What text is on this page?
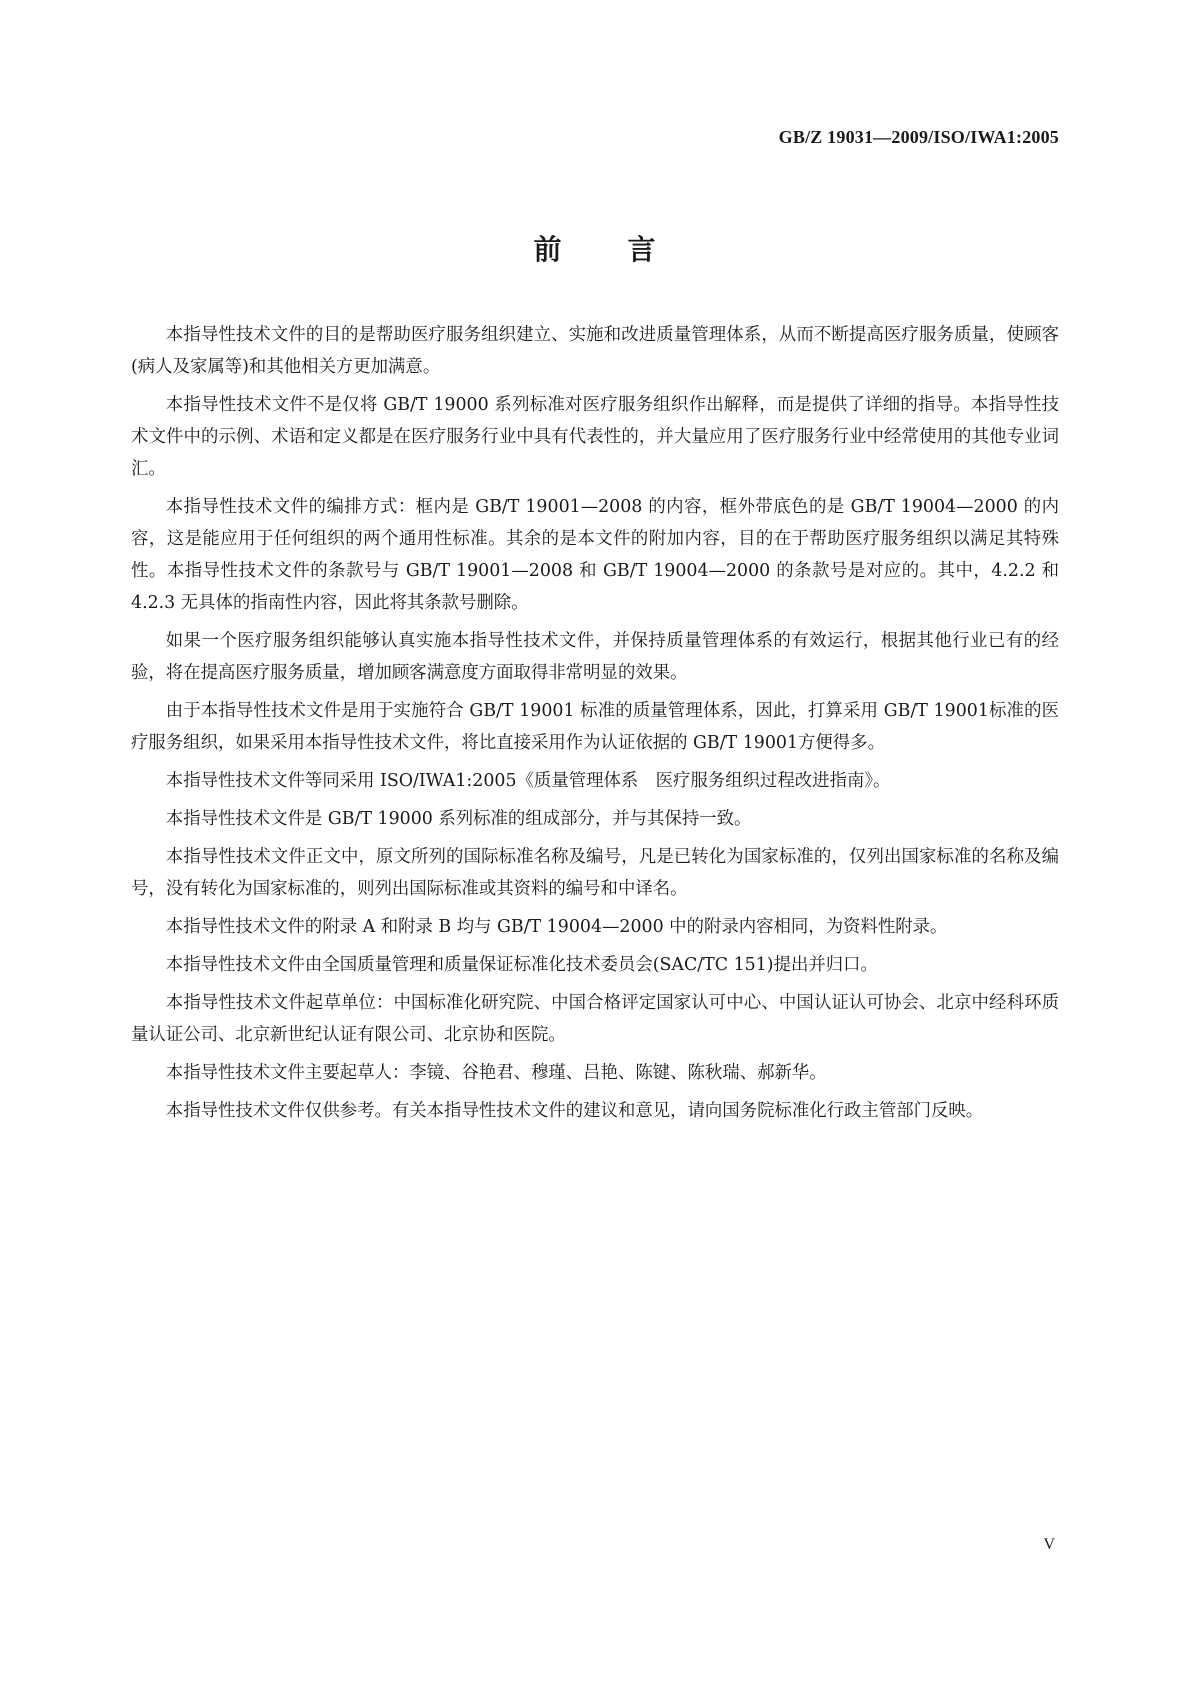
GB/Z 19031—2009/ISO/IWA1:2005
前 言

本指导性技术文件的目的是帮助医疗服务组织建立、实施和改进质量管理体系，从而不断提高医疗服务质量，使顾客(病人及家属等)和其他相关方更加满意。

本指导性技术文件不是仅将 GB/T 19000 系列标准对医疗服务组织作出解释，而是提供了详细的指导。本指导性技术文件中的示例、术语和定义都是在医疗服务行业中具有代表性的，并大量应用了医疗服务行业中经常使用的其他专业词汇。

本指导性技术文件的编排方式：框内是 GB/T 19001—2008 的内容，框外带底色的是 GB/T 19004—2000 的内容，这是能应用于任何组织的两个通用性标准。其余的是本文件的附加内容，目的在于帮助医疗服务组织以满足其特殊性。本指导性技术文件的条款号与 GB/T 19001—2008 和 GB/T 19004—2000 的条款号是对应的。其中，4.2.2 和 4.2.3 无具体的指南性内容，因此将其条款号删除。

如果一个医疗服务组织能够认真实施本指导性技术文件，并保持质量管理体系的有效运行，根据其他行业已有的经验，将在提高医疗服务质量，增加顾客满意度方面取得非常明显的效果。

由于本指导性技术文件是用于实施符合 GB/T 19001 标准的质量管理体系，因此，打算采用 GB/T 19001标准的医疗服务组织，如果采用本指导性技术文件，将比直接采用作为认证依据的 GB/T 19001方便得多。

本指导性技术文件等同采用 ISO/IWA1:2005《质量管理体系　医疗服务组织过程改进指南》。

本指导性技术文件是 GB/T 19000 系列标准的组成部分，并与其保持一致。

本指导性技术文件正文中，原文所列的国际标准名称及编号，凡是已转化为国家标准的，仅列出国家标准的名称及编号，没有转化为国家标准的，则列出国际标准或其资料的编号和中译名。

本指导性技术文件的附录 A 和附录 B 均与 GB/T 19004—2000 中的附录内容相同，为资料性附录。

本指导性技术文件由全国质量管理和质量保证标准化技术委员会(SAC/TC 151)提出并归口。

本指导性技术文件起草单位：中国标准化研究院、中国合格评定国家认可中心、中国认证认可协会、北京中经科环质量认证公司、北京新世纪认证有限公司、北京协和医院。

本指导性技术文件主要起草人：李镜、谷艳君、穆瑾、吕艳、陈键、陈秋瑞、郝新华。

本指导性技术文件仅供参考。有关本指导性技术文件的建议和意见，请向国务院标准化行政主管部门反映。

V
